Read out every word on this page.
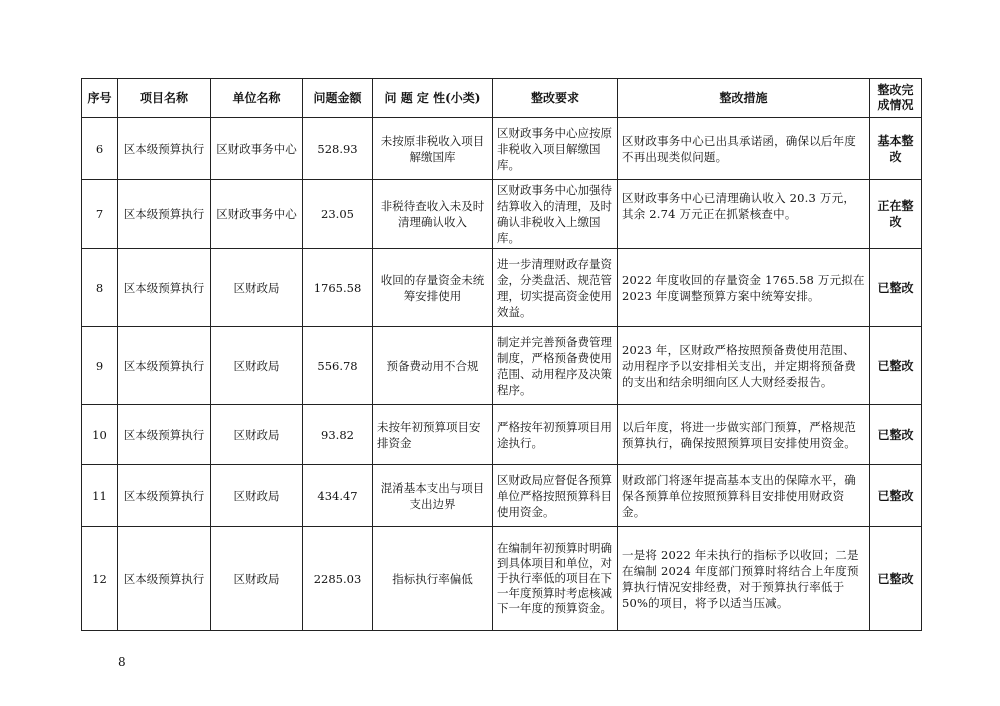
序号	项目名称	单位名称	问题金额	问 题 定 性(小类)	整改要求	整改措施	整改完成情况
6	区本级预算执行	区财政事务中心	528.93	未按原非税收入项目解缴国库	区财政事务中心应按原非税收入项目解缴国库。	区财政事务中心已出具承诺函，确保以后年度不再出现类似问题。	基本整改
7	区本级预算执行	区财政事务中心	23.05	非税待查收入未及时清理确认收入	区财政事务中心加强待结算收入的清理，及时确认非税收入上缴国库。	区财政事务中心已清理确认收入 20.3 万元，其余 2.74 万元正在抓紧核查中。	正在整改
8	区本级预算执行	区财政局	1765.58	收回的存量资金未统筹安排使用	进一步清理财政存量资金，分类盘活、规范管理，切实提高资金使用效益。	2022 年度收回的存量资金 1765.58 万元拟在 2023 年度调整预算方案中统筹安排。	已整改
9	区本级预算执行	区财政局	556.78	预备费动用不合规	制定并完善预备费管理制度，严格预备费使用范围、动用程序及决策程序。	2023 年，区财政严格按照预备费使用范围、动用程序予以安排相关支出，并定期将预备费的支出和结余明细向区人大财经委报告。	已整改
10	区本级预算执行	区财政局	93.82	未按年初预算项目安排资金	严格按年初预算项目用途执行。	以后年度，将进一步做实部门预算，严格规范预算执行，确保按照预算项目安排使用资金。	已整改
11	区本级预算执行	区财政局	434.47	混淆基本支出与项目支出边界	区财政局应督促各预算单位严格按照预算科目使用资金。	财政部门将逐年提高基本支出的保障水平，确保各预算单位按照预算科目安排使用财政资金。	已整改
12	区本级预算执行	区财政局	2285.03	指标执行率偏低	在编制年初预算时明确到具体项目和单位，对于执行率低的项目在下一年度预算时考虑核减下一年度的预算资金。	一是将 2022 年未执行的指标予以收回；二是在编制 2024 年度部门预算时将结合上年度预算执行情况安排经费，对于预算执行率低于 50%的项目，将予以适当压减。	已整改
8
